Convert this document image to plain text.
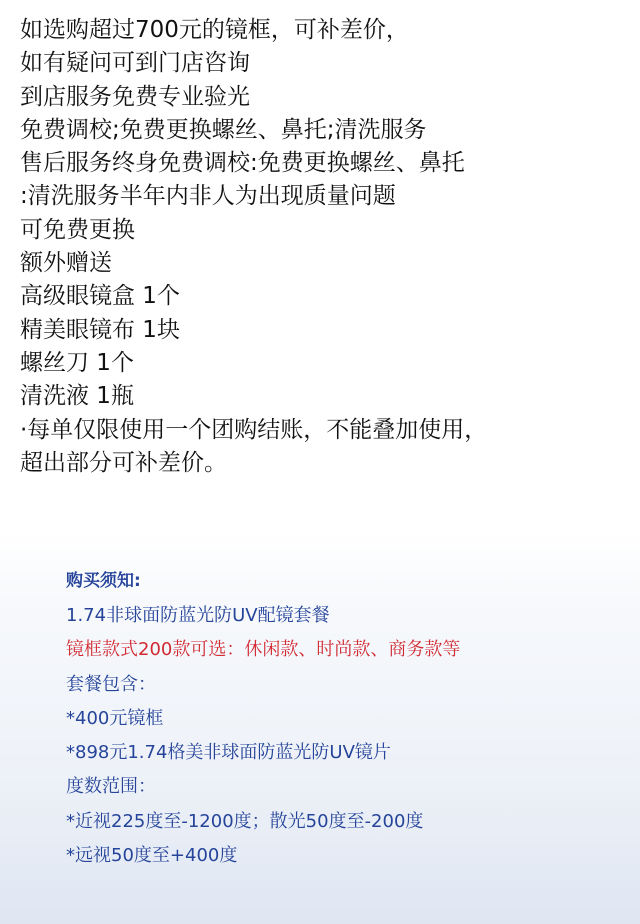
如选购超过700元的镜框，可补差价，
如有疑问可到门店咨询
到店服务免费专业验光
免费调校;免费更换螺丝、鼻托;清洗服务
售后服务终身免费调校:免费更换螺丝、鼻托
:清洗服务半年内非人为出现质量问题
可免费更换
额外赠送
高级眼镜盒 1个
精美眼镜布 1块
螺丝刀 1个
清洗液 1瓶
·每单仅限使用一个团购结账，不能叠加使用，
超出部分可补差价。
购买须知:
1.74非球面防蓝光防UV配镜套餐
镜框款式200款可选：休闲款、时尚款、商务款等
套餐包含：
*400元镜框
*898元1.74格美非球面防蓝光防UV镜片
度数范围：
*近视225度至-1200度；散光50度至-200度
*远视50度至+400度
